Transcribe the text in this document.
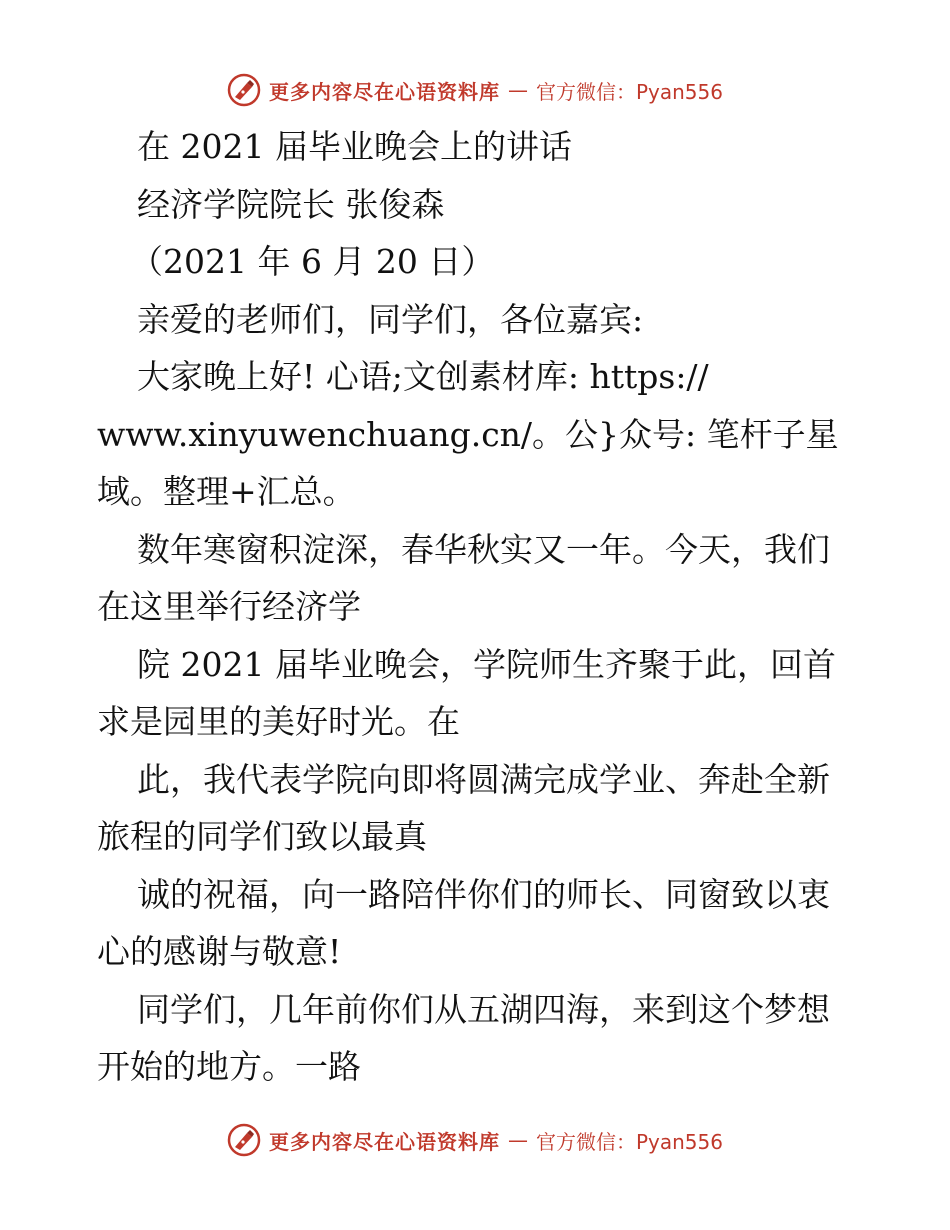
更多内容尽在心语资料库 — 官方微信：Pyan556
在 2021 届毕业晚会上的讲话
经济学院院长 张俊森
（2021 年 6 月 20 日）
亲爱的老师们，同学们，各位嘉宾:
大家晚上好! 心语;文创素材库: https://
www.xinyuwenchuang.cn/。公}众号: 笔杆子星
域。整理+汇总。
数年寒窗积淀深，春华秋实又一年。今天，我们
在这里举行经济学
院 2021 届毕业晚会，学院师生齐聚于此，回首
求是园里的美好时光。在
此，我代表学院向即将圆满完成学业、奔赴全新
旅程的同学们致以最真
诚的祝福，向一路陪伴你们的师长、同窗致以衷
心的感谢与敬意!
同学们，几年前你们从五湖四海，来到这个梦想
开始的地方。一路
更多内容尽在心语资料库 — 官方微信：Pyan556
